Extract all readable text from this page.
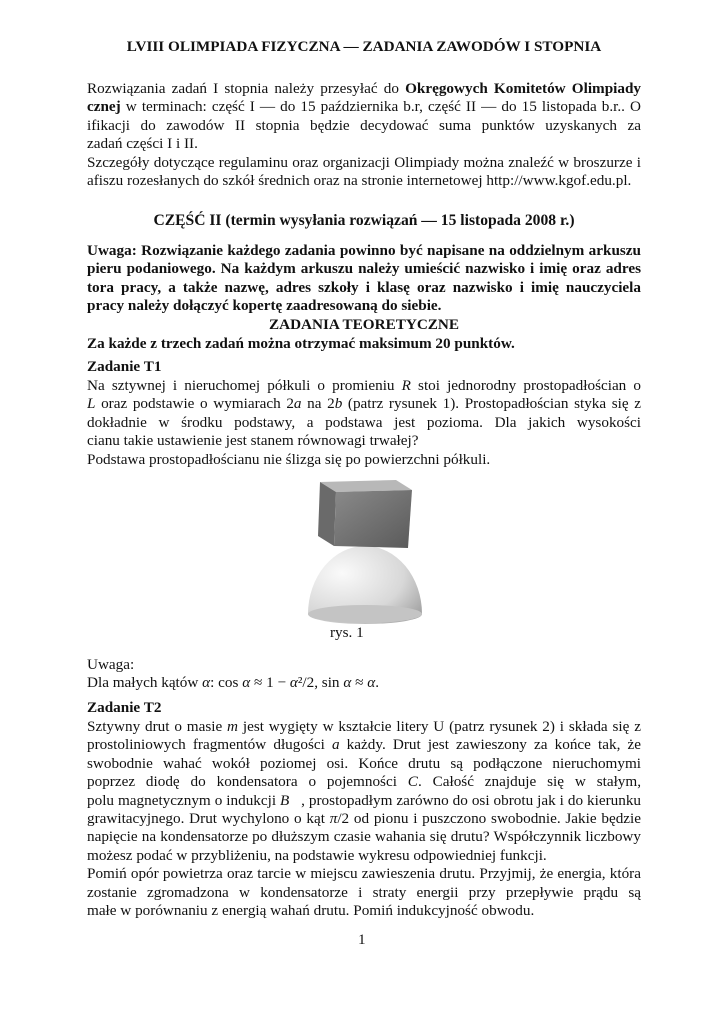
LVIII OLIMPIADA FIZYCZNA — ZADANIA ZAWODÓW I STOPNIA
Rozwiązania zadań I stopnia należy przesyłać do Okręgowych Komitetów Olimpiady
cznej w terminach: część I — do 15 października b.r, część II — do 15 listopada b.r.. O
ifikacji do zawodów II stopnia będzie decydować suma punktów uzyskanych za
zadań części I i II.
Szczegóły dotyczące regulaminu oraz organizacji Olimpiady można znaleźć w broszurze i
afiszu rozesłanych do szkół średnich oraz na stronie internetowej http://www.kgof.edu.pl.
CZĘŚĆ II (termin wysyłania rozwiązań — 15 listopada 2008 r.)
Uwaga: Rozwiązanie każdego zadania powinno być napisane na oddzielnym arkuszu
pieru podaniowego. Na każdym arkuszu należy umieścić nazwisko i imię oraz adres
tora pracy, a także nazwę, adres szkoły i klasę oraz nazwisko i imię nauczyciela
pracy należy dołączyć kopertę zaadresowaną do siebie.
ZADANIA TEORETYCZNE
Za każde z trzech zadań można otrzymać maksimum 20 punktów.
Zadanie T1
Na sztywnej i nieruchomej półkuli o promieniu R stoi jednorodny prostopadłościan o
L oraz podstawie o wymiarach 2a na 2b (patrz rysunek 1). Prostopadłościan styka się z
dokładnie w środku podstawy, a podstawa jest pozioma. Dla jakich wysokości
cianu takie ustawienie jest stanem równowagi trwałej?
Podstawa prostopadłościanu nie ślizga się po powierzchni półkuli.
rys. 1
Uwaga:
Dla małych kątów α: cos α ≈ 1 − α²/2, sin α ≈ α.
Zadanie T2
Sztywny drut o masie m jest wygięty w kształcie litery U (patrz rysunek 2) i składa się z
prostoliniowych fragmentów długości a każdy. Drut jest zawieszony za końce tak, że
swobodnie wahać wokół poziomej osi. Końce drutu są podłączone nieruchomymi
poprzez diodę do kondensatora o pojemności C. Całość znajduje się w stałym,
polu magnetycznym o indukcji B⃗, prostopadłym zarówno do osi obrotu jak i do kierunku
grawitacyjnego. Drut wychylono o kąt π/2 od pionu i puszczono swobodnie. Jakie będzie
napięcie na kondensatorze po dłuższym czasie wahania się drutu? Współczynnik liczbowy
możesz podać w przybliżeniu, na podstawie wykresu odpowiedniej funkcji.
Pomiń opór powietrza oraz tarcie w miejscu zawieszenia drutu. Przyjmij, że energia, która
zostanie zgromadzona w kondensatorze i straty energii przy przepływie prądu są
małe w porównaniu z energią wahań drutu. Pomiń indukcyjność obwodu.
1
